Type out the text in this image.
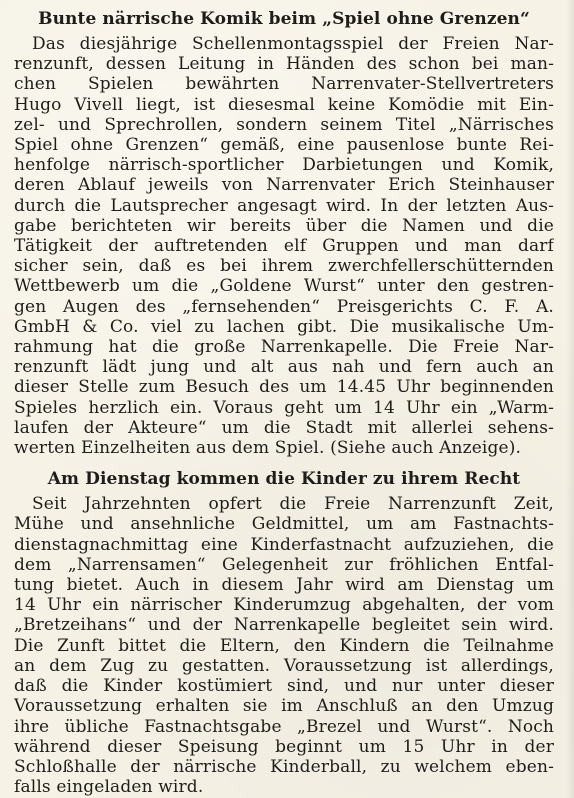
Bunte närrische Komik beim „Spiel ohne Grenzen“
Das diesjährige Schellenmontagsspiel der Freien Nar-
renzunft, dessen Leitung in Händen des schon bei man-
chen Spielen bewährten Narrenvater-Stellvertreters
Hugo Vivell liegt, ist diesesmal keine Komödie mit Ein-
zel- und Sprechrollen, sondern seinem Titel „Närrisches
Spiel ohne Grenzen“ gemäß, eine pausenlose bunte Rei-
henfolge närrisch-sportlicher Darbietungen und Komik,
deren Ablauf jeweils von Narrenvater Erich Steinhauser
durch die Lautsprecher angesagt wird. In der letzten Aus-
gabe berichteten wir bereits über die Namen und die
Tätigkeit der auftretenden elf Gruppen und man darf
sicher sein, daß es bei ihrem zwerchfellerschütternden
Wettbewerb um die „Goldene Wurst“ unter den gestren-
gen Augen des „fernsehenden“ Preisgerichts C. F. A.
GmbH & Co. viel zu lachen gibt. Die musikalische Um-
rahmung hat die große Narrenkapelle. Die Freie Nar-
renzunft lädt jung und alt aus nah und fern auch an
dieser Stelle zum Besuch des um 14.45 Uhr beginnenden
Spieles herzlich ein. Voraus geht um 14 Uhr ein „Warm-
laufen der Akteure“ um die Stadt mit allerlei sehens-
werten Einzelheiten aus dem Spiel. (Siehe auch Anzeige).
Am Dienstag kommen die Kinder zu ihrem Recht
Seit Jahrzehnten opfert die Freie Narrenzunft Zeit,
Mühe und ansehnliche Geldmittel, um am Fastnachts-
dienstagnachmittag eine Kinderfastnacht aufzuziehen, die
dem „Narrensamen“ Gelegenheit zur fröhlichen Entfal-
tung bietet. Auch in diesem Jahr wird am Dienstag um
14 Uhr ein närrischer Kinderumzug abgehalten, der vom
„Bretzeihans“ und der Narrenkapelle begleitet sein wird.
Die Zunft bittet die Eltern, den Kindern die Teilnahme
an dem Zug zu gestatten. Voraussetzung ist allerdings,
daß die Kinder kostümiert sind, und nur unter dieser
Voraussetzung erhalten sie im Anschluß an den Umzug
ihre übliche Fastnachtsgabe „Brezel und Wurst“. Noch
während dieser Speisung beginnt um 15 Uhr in der
Schloßhalle der närrische Kinderball, zu welchem eben-
falls eingeladen wird.
